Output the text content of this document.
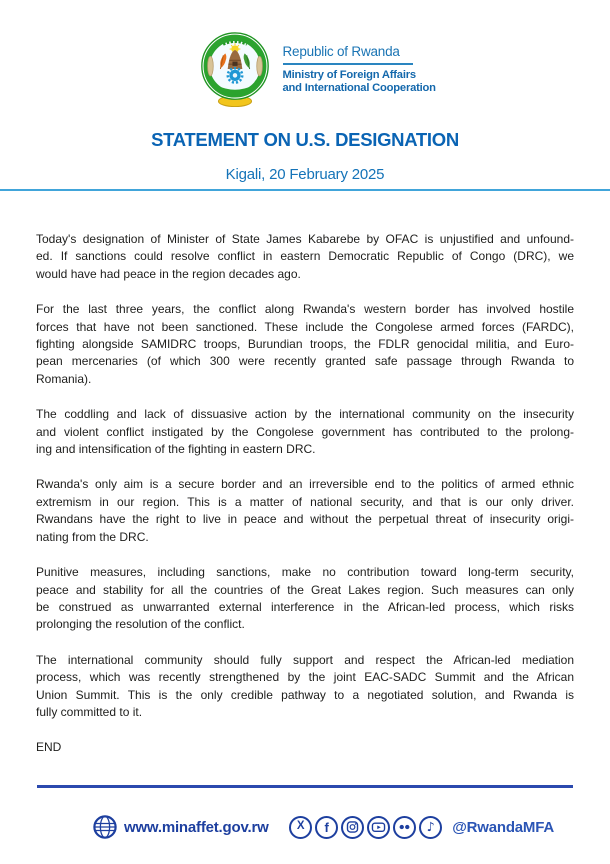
Republic of Rwanda
Ministry of Foreign Affairs
and International Cooperation
STATEMENT ON U.S. DESIGNATION
Kigali, 20 February 2025
Today's designation of Minister of State James Kabarebe by OFAC is unjustified and unfound-
ed. If sanctions could resolve conflict in eastern Democratic Republic of Congo (DRC), we
would have had peace in the region decades ago.
For the last three years, the conflict along Rwanda's western border has involved hostile
forces that have not been sanctioned. These include the Congolese armed forces (FARDC),
fighting alongside SAMIDRC troops, Burundian troops, the FDLR genocidal militia, and Euro-
pean mercenaries (of which 300 were recently granted safe passage through Rwanda to
Romania).
The coddling and lack of dissuasive action by the international community on the insecurity
and violent conflict instigated by the Congolese government has contributed to the prolong-
ing and intensification of the fighting in eastern DRC.
Rwanda's only aim is a secure border and an irreversible end to the politics of armed ethnic
extremism in our region. This is a matter of national security, and that is our only driver.
Rwandans have the right to live in peace and without the perpetual threat of insecurity origi-
nating from the DRC.
Punitive measures, including sanctions, make no contribution toward long-term security,
peace and stability for all the countries of the Great Lakes region. Such measures can only
be construed as unwarranted external interference in the African-led process, which risks
prolonging the resolution of the conflict.
The international community should fully support and respect the African-led mediation
process, which was recently strengthened by the joint EAC-SADC Summit and the African
Union Summit. This is the only credible pathway to a negotiated solution, and Rwanda is
fully committed to it.
END
www.minaffet.gov.rw X f	♪ @RwandaMFA
